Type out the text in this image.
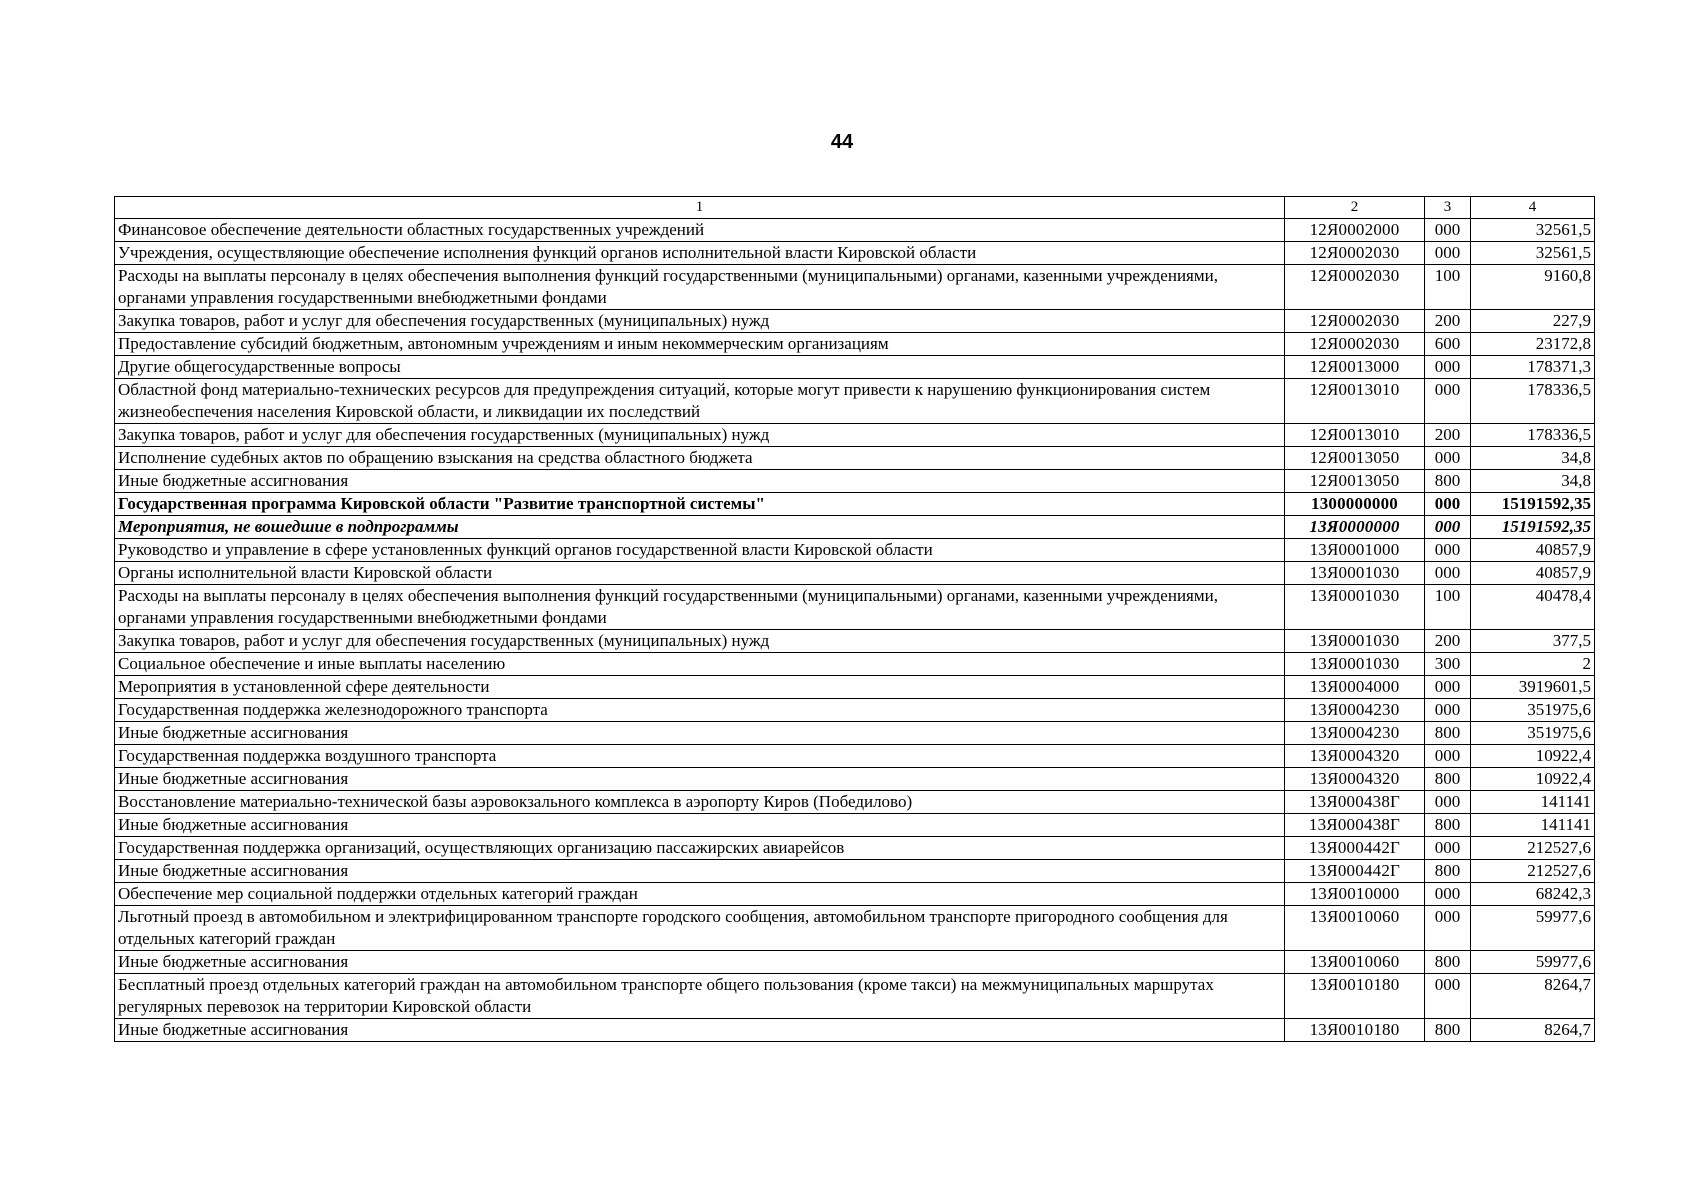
44
1	2	3	4
Финансовое обеспечение деятельности областных государственных учреждений	12Я0002000	000	32561,5
Учреждения, осуществляющие обеспечение исполнения функций органов исполнительной власти Кировской области	12Я0002030	000	32561,5
Расходы на выплаты персоналу в целях обеспечения выполнения функций государственными (муниципальными) органами, казенными учреждениями, органами управления государственными внебюджетными фондами	12Я0002030	100	9160,8
Закупка товаров, работ и услуг для обеспечения государственных (муниципальных) нужд	12Я0002030	200	227,9
Предоставление субсидий бюджетным, автономным учреждениям и иным некоммерческим организациям	12Я0002030	600	23172,8
Другие общегосударственные вопросы	12Я0013000	000	178371,3
Областной фонд материально-технических ресурсов для предупреждения ситуаций, которые могут привести к нарушению функционирования систем жизнеобеспечения населения Кировской области, и ликвидации их последствий	12Я0013010	000	178336,5
Закупка товаров, работ и услуг для обеспечения государственных (муниципальных) нужд	12Я0013010	200	178336,5
Исполнение судебных актов по обращению взыскания на средства областного бюджета	12Я0013050	000	34,8
Иные бюджетные ассигнования	12Я0013050	800	34,8
Государственная программа Кировской области "Развитие транспортной системы"	1300000000	000	15191592,35
Мероприятия, не вошедшие в подпрограммы	13Я0000000	000	15191592,35
Руководство и управление в сфере установленных функций органов государственной власти Кировской области	13Я0001000	000	40857,9
Органы исполнительной власти Кировской области	13Я0001030	000	40857,9
Расходы на выплаты персоналу в целях обеспечения выполнения функций государственными (муниципальными) органами, казенными учреждениями, органами управления государственными внебюджетными фондами	13Я0001030	100	40478,4
Закупка товаров, работ и услуг для обеспечения государственных (муниципальных) нужд	13Я0001030	200	377,5
Социальное обеспечение и иные выплаты населению	13Я0001030	300	2
Мероприятия в установленной сфере деятельности	13Я0004000	000	3919601,5
Государственная поддержка железнодорожного транспорта	13Я0004230	000	351975,6
Иные бюджетные ассигнования	13Я0004230	800	351975,6
Государственная поддержка воздушного транспорта	13Я0004320	000	10922,4
Иные бюджетные ассигнования	13Я0004320	800	10922,4
Восстановление материально-технической базы аэровокзального комплекса в аэропорту Киров (Победилово)	13Я000438Г	000	141141
Иные бюджетные ассигнования	13Я000438Г	800	141141
Государственная поддержка организаций, осуществляющих организацию пассажирских авиарейсов	13Я000442Г	000	212527,6
Иные бюджетные ассигнования	13Я000442Г	800	212527,6
Обеспечение мер социальной поддержки отдельных категорий граждан	13Я0010000	000	68242,3
Льготный проезд в автомобильном и электрифицированном транспорте городского сообщения, автомобильном транспорте пригородного сообщения для отдельных категорий граждан	13Я0010060	000	59977,6
Иные бюджетные ассигнования	13Я0010060	800	59977,6
Бесплатный проезд отдельных категорий граждан на автомобильном транспорте общего пользования (кроме такси) на межмуниципальных маршрутах регулярных перевозок на территории Кировской области	13Я0010180	000	8264,7
Иные бюджетные ассигнования	13Я0010180	800	8264,7
